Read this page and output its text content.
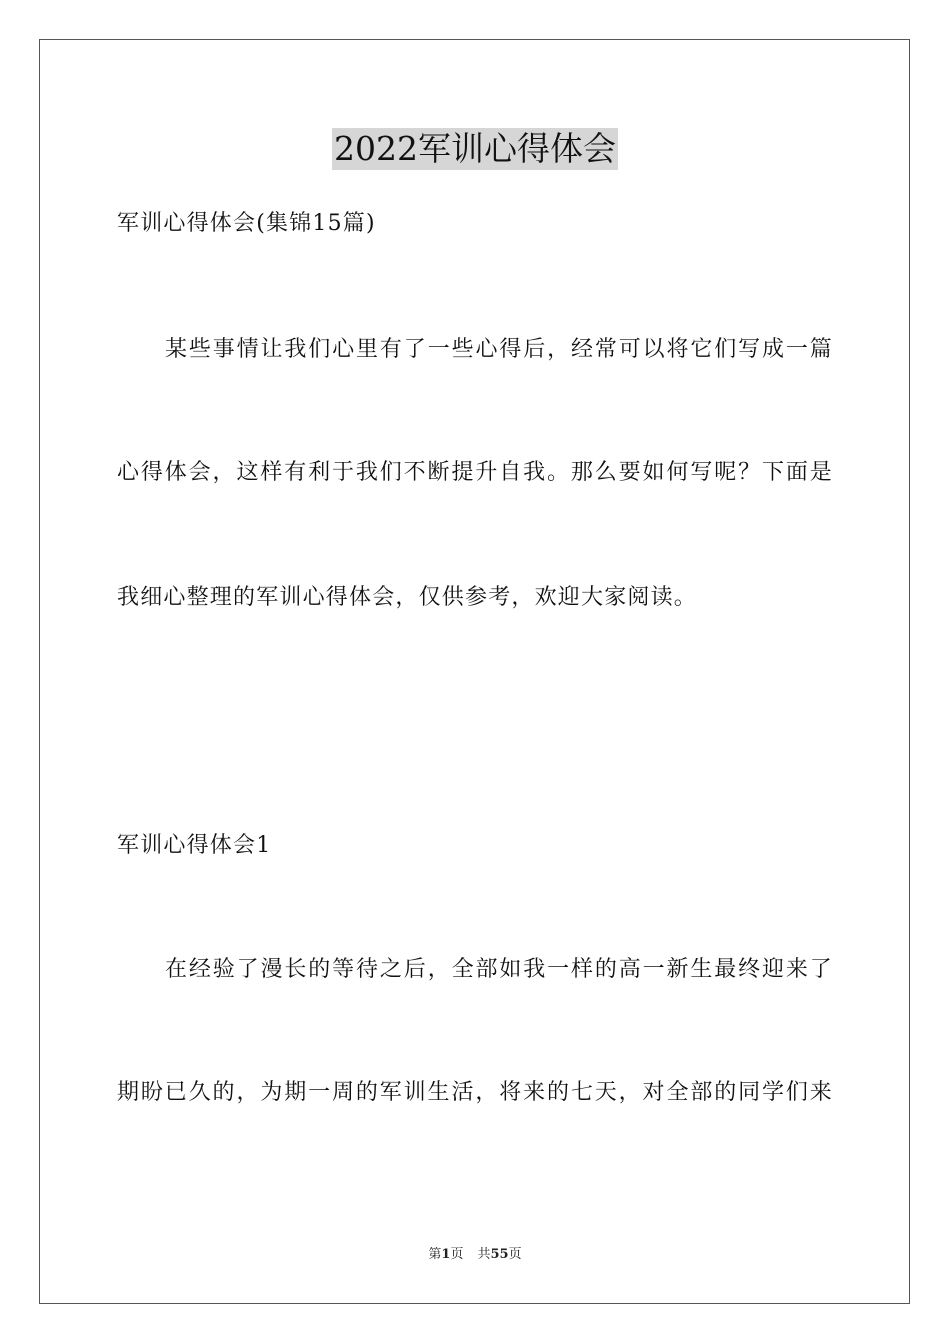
2022军训心得体会
军训心得体会(集锦15篇)
某些事情让我们心里有了一些心得后，经常可以将它们写成一篇
心得体会，这样有利于我们不断提升自我。那么要如何写呢？下面是
我细心整理的军训心得体会，仅供参考，欢迎大家阅读。
军训心得体会1
在经验了漫长的等待之后，全部如我一样的高一新生最终迎来了
期盼已久的，为期一周的军训生活，将来的七天，对全部的同学们来
第1页 共55页
